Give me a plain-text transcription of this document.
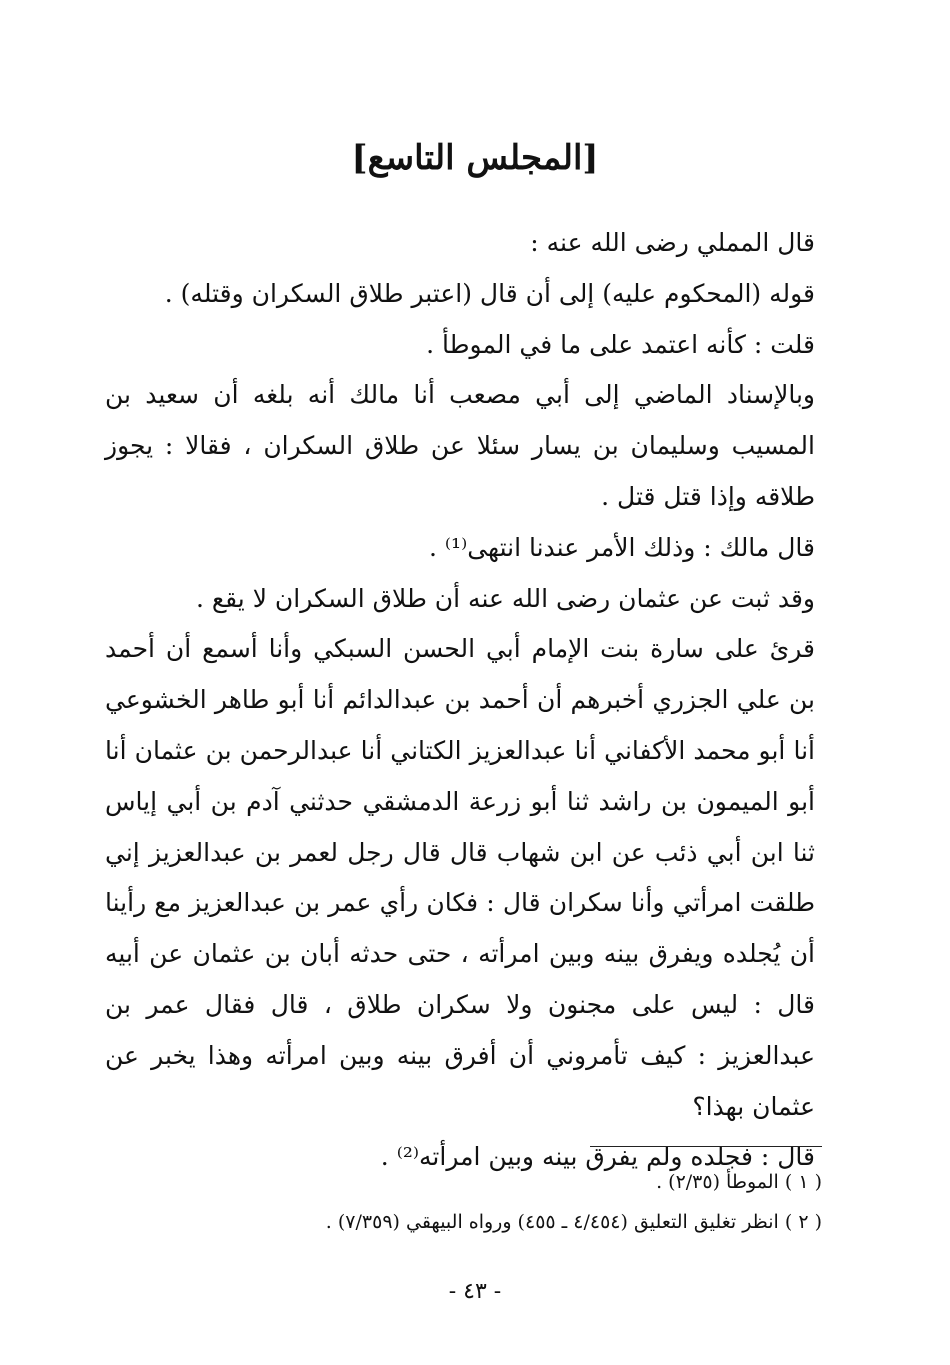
[المجلس التاسع]

قال المملي رضى الله عنه :

قوله (المحكوم عليه) إلى أن قال (اعتبر طلاق السكران وقتله) .

قلت : كأنه اعتمد على ما في الموطأ .

وبالإسناد الماضي إلى أبي مصعب أنا مالك أنه بلغه أن سعيد بن المسيب وسليمان بن يسار سئلا عن طلاق السكران ، فقالا : يجوز طلاقه وإذا قتل قتل .

قال مالك : وذلك الأمر عندنا انتهى⁽¹⁾ .

وقد ثبت عن عثمان رضى الله عنه أن طلاق السكران لا يقع .

قرئ على سارة بنت الإمام أبي الحسن السبكي وأنا أسمع أن أحمد بن علي الجزري أخبرهم أن أحمد بن عبدالدائم أنا أبو طاهر الخشوعي أنا أبو محمد الأكفاني أنا عبدالعزيز الكتاني أنا عبدالرحمن بن عثمان أنا أبو الميمون بن راشد ثنا أبو زرعة الدمشقي حدثني آدم بن أبي إياس ثنا ابن أبي ذئب عن ابن شهاب قال قال رجل لعمر بن عبدالعزيز إني طلقت امرأتي وأنا سكران قال : فكان رأي عمر بن عبدالعزيز مع رأينا أن يُجلده ويفرق بينه وبين امرأته ، حتى حدثه أبان بن عثمان عن أبيه قال : ليس على مجنون ولا سكران طلاق ، قال فقال عمر بن عبدالعزيز : كيف تأمروني أن أفرق بينه وبين امرأته وهذا يخبر عن عثمان بهذا؟

قال : فجلده ولم يفرق بينه وبين امرأته⁽²⁾ .

( ١ ) الموطأ (٢/٣٥) .

( ٢ ) انظر تغليق التعليق (٤/٤٥٤ ـ ٤٥٥) ورواه البيهقي (٧/٣٥٩) .

- ٤٣ -
